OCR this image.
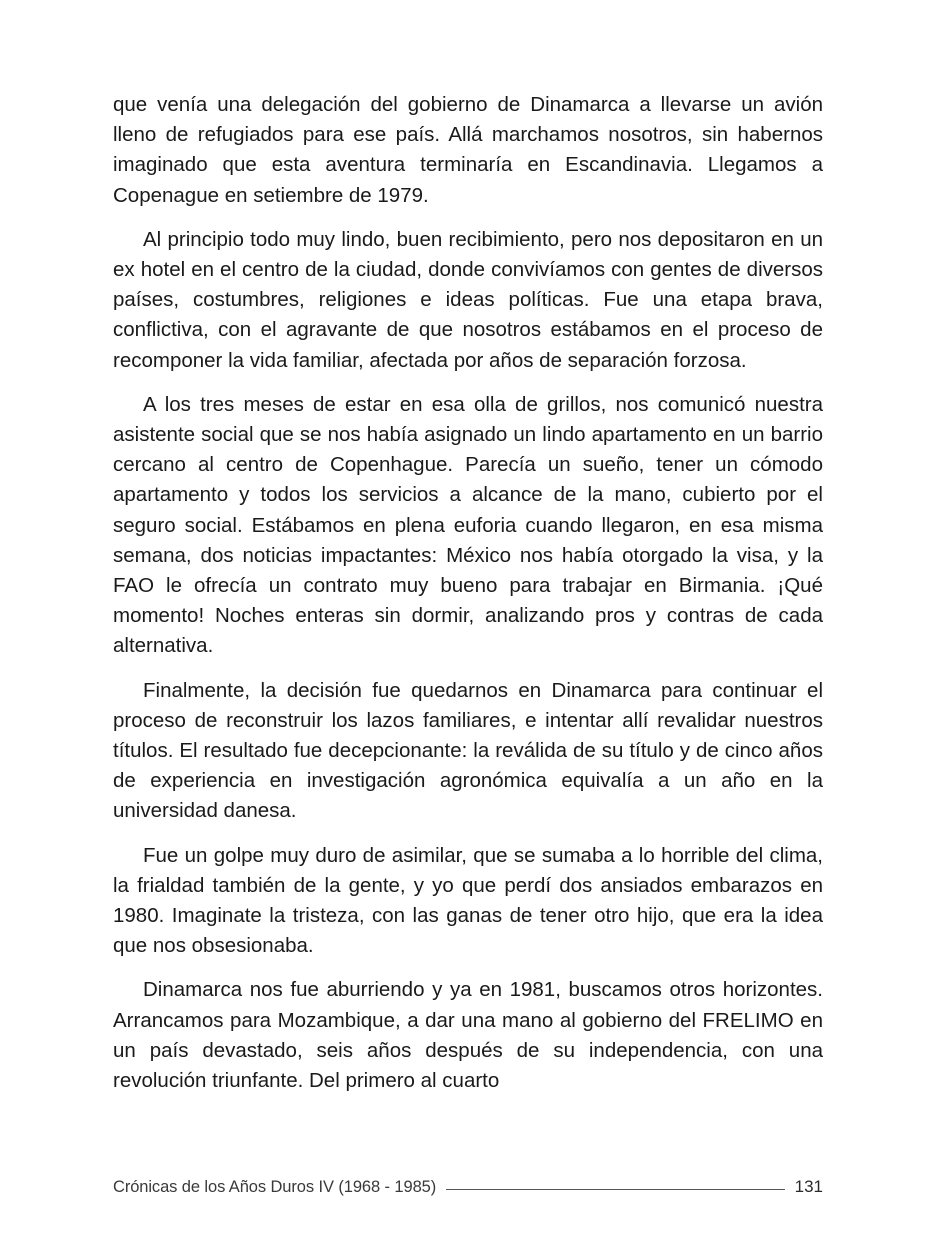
que venía una delegación del gobierno de Dinamarca a llevarse un avión lleno de refugiados para ese país. Allá marchamos nosotros, sin habernos imaginado que esta aventura terminaría en Escandinavia. Llegamos a Copenague en setiembre de 1979.

Al principio todo muy lindo, buen recibimiento, pero nos depositaron en un ex hotel en el centro de la ciudad, donde convivíamos con gentes de diversos países, costumbres, religiones e ideas políticas. Fue una etapa brava, conflictiva, con el agravante de que nosotros estábamos en el proceso de recomponer la vida familiar, afectada por años de separación forzosa.

A los tres meses de estar en esa olla de grillos, nos comunicó nuestra asistente social que se nos había asignado un lindo apartamento en un barrio cercano al centro de Copenhague. Parecía un sueño, tener un cómodo apartamento y todos los servicios a alcance de la mano, cubierto por el seguro social. Estábamos en plena euforia cuando llegaron, en esa misma semana, dos noticias impactantes: México nos había otorgado la visa, y la FAO le ofrecía un contrato muy bueno para trabajar en Birmania. ¡Qué momento! Noches enteras sin dormir, analizando pros y contras de cada alternativa.

Finalmente, la decisión fue quedarnos en Dinamarca para continuar el proceso de reconstruir los lazos familiares, e intentar allí revalidar nuestros títulos. El resultado fue decepcionante: la reválida de su título y de cinco años de experiencia en investigación agronómica equivalía a un año en la universidad danesa.

Fue un golpe muy duro de asimilar, que se sumaba a lo horrible del clima, la frialdad también de la gente, y yo que perdí dos ansiados embarazos en 1980. Imaginate la tristeza, con las ganas de tener otro hijo, que era la idea que nos obsesionaba.

Dinamarca nos fue aburriendo y ya en 1981, buscamos otros horizontes. Arrancamos para Mozambique, a dar una mano al gobierno del FRELIMO en un país devastado, seis años después de su independencia, con una revolución triunfante. Del primero al cuarto

Crónicas de los Años Duros IV (1968 - 1985)	131
